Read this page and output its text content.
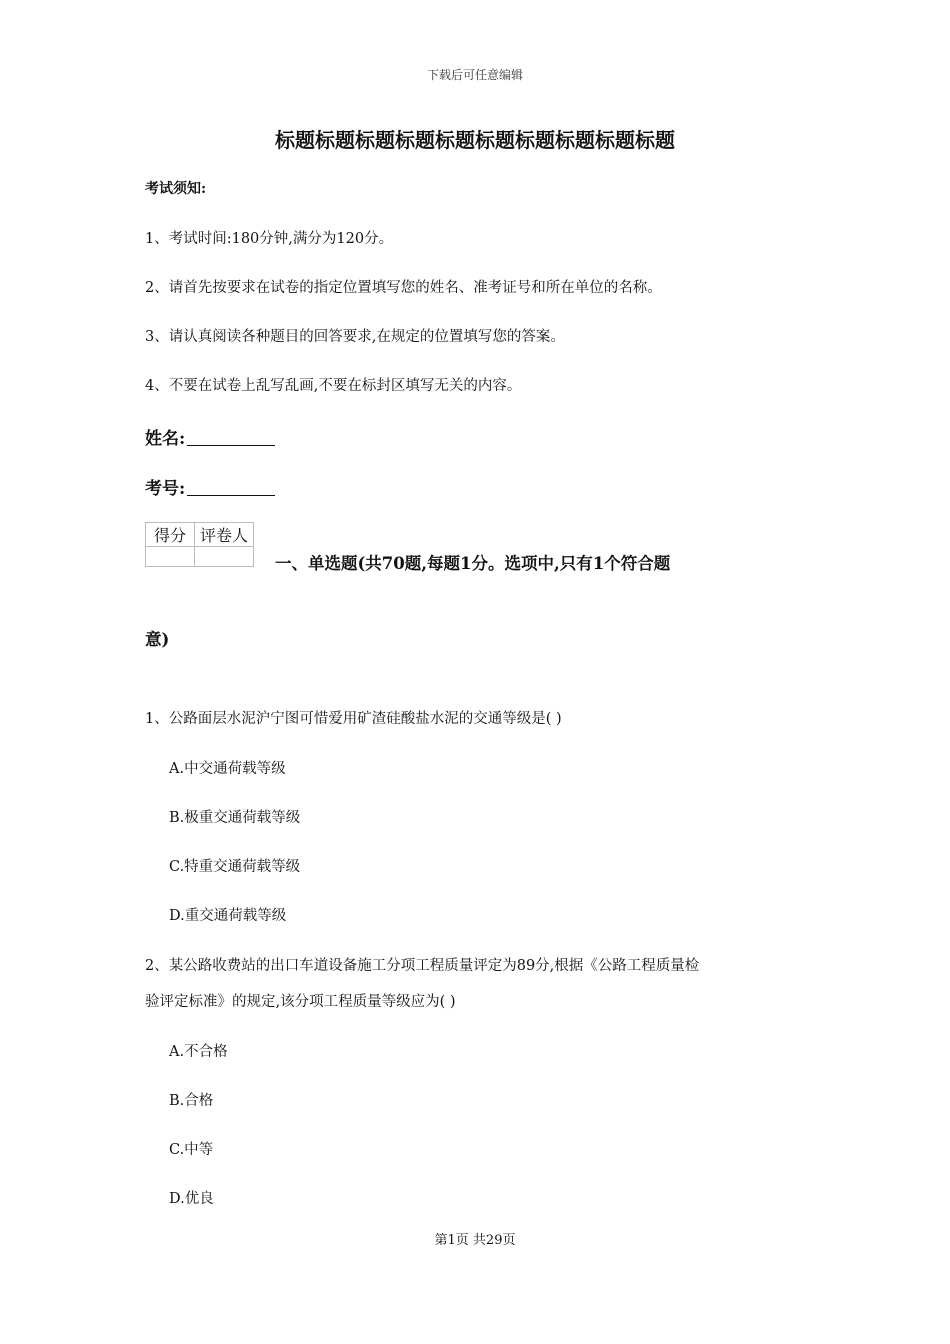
下载后可任意编辑
标题标题标题标题标题标题标题标题标题标题
考试须知:
1、考试时间:180分钟,满分为120分。
2、请首先按要求在试卷的指定位置填写您的姓名、准考证号和所在单位的名称。
3、请认真阅读各种题目的回答要求,在规定的位置填写您的答案。
4、不要在试卷上乱写乱画,不要在标封区填写无关的内容。
姓名:
考号:
得分	评卷人

一、单选题(共70题,每题1分。选项中,只有1个符合题
意)
1、公路面层水泥沪宁图可惜爱用矿渣硅酸盐水泥的交通等级是( )
A.中交通荷载等级
B.极重交通荷载等级
C.特重交通荷载等级
D.重交通荷载等级
2、某公路收费站的出口车道设备施工分项工程质量评定为89分,根据《公路工程质量检
验评定标准》的规定,该分项工程质量等级应为( )
A.不合格
B.合格
C.中等
D.优良
第1页 共29页
